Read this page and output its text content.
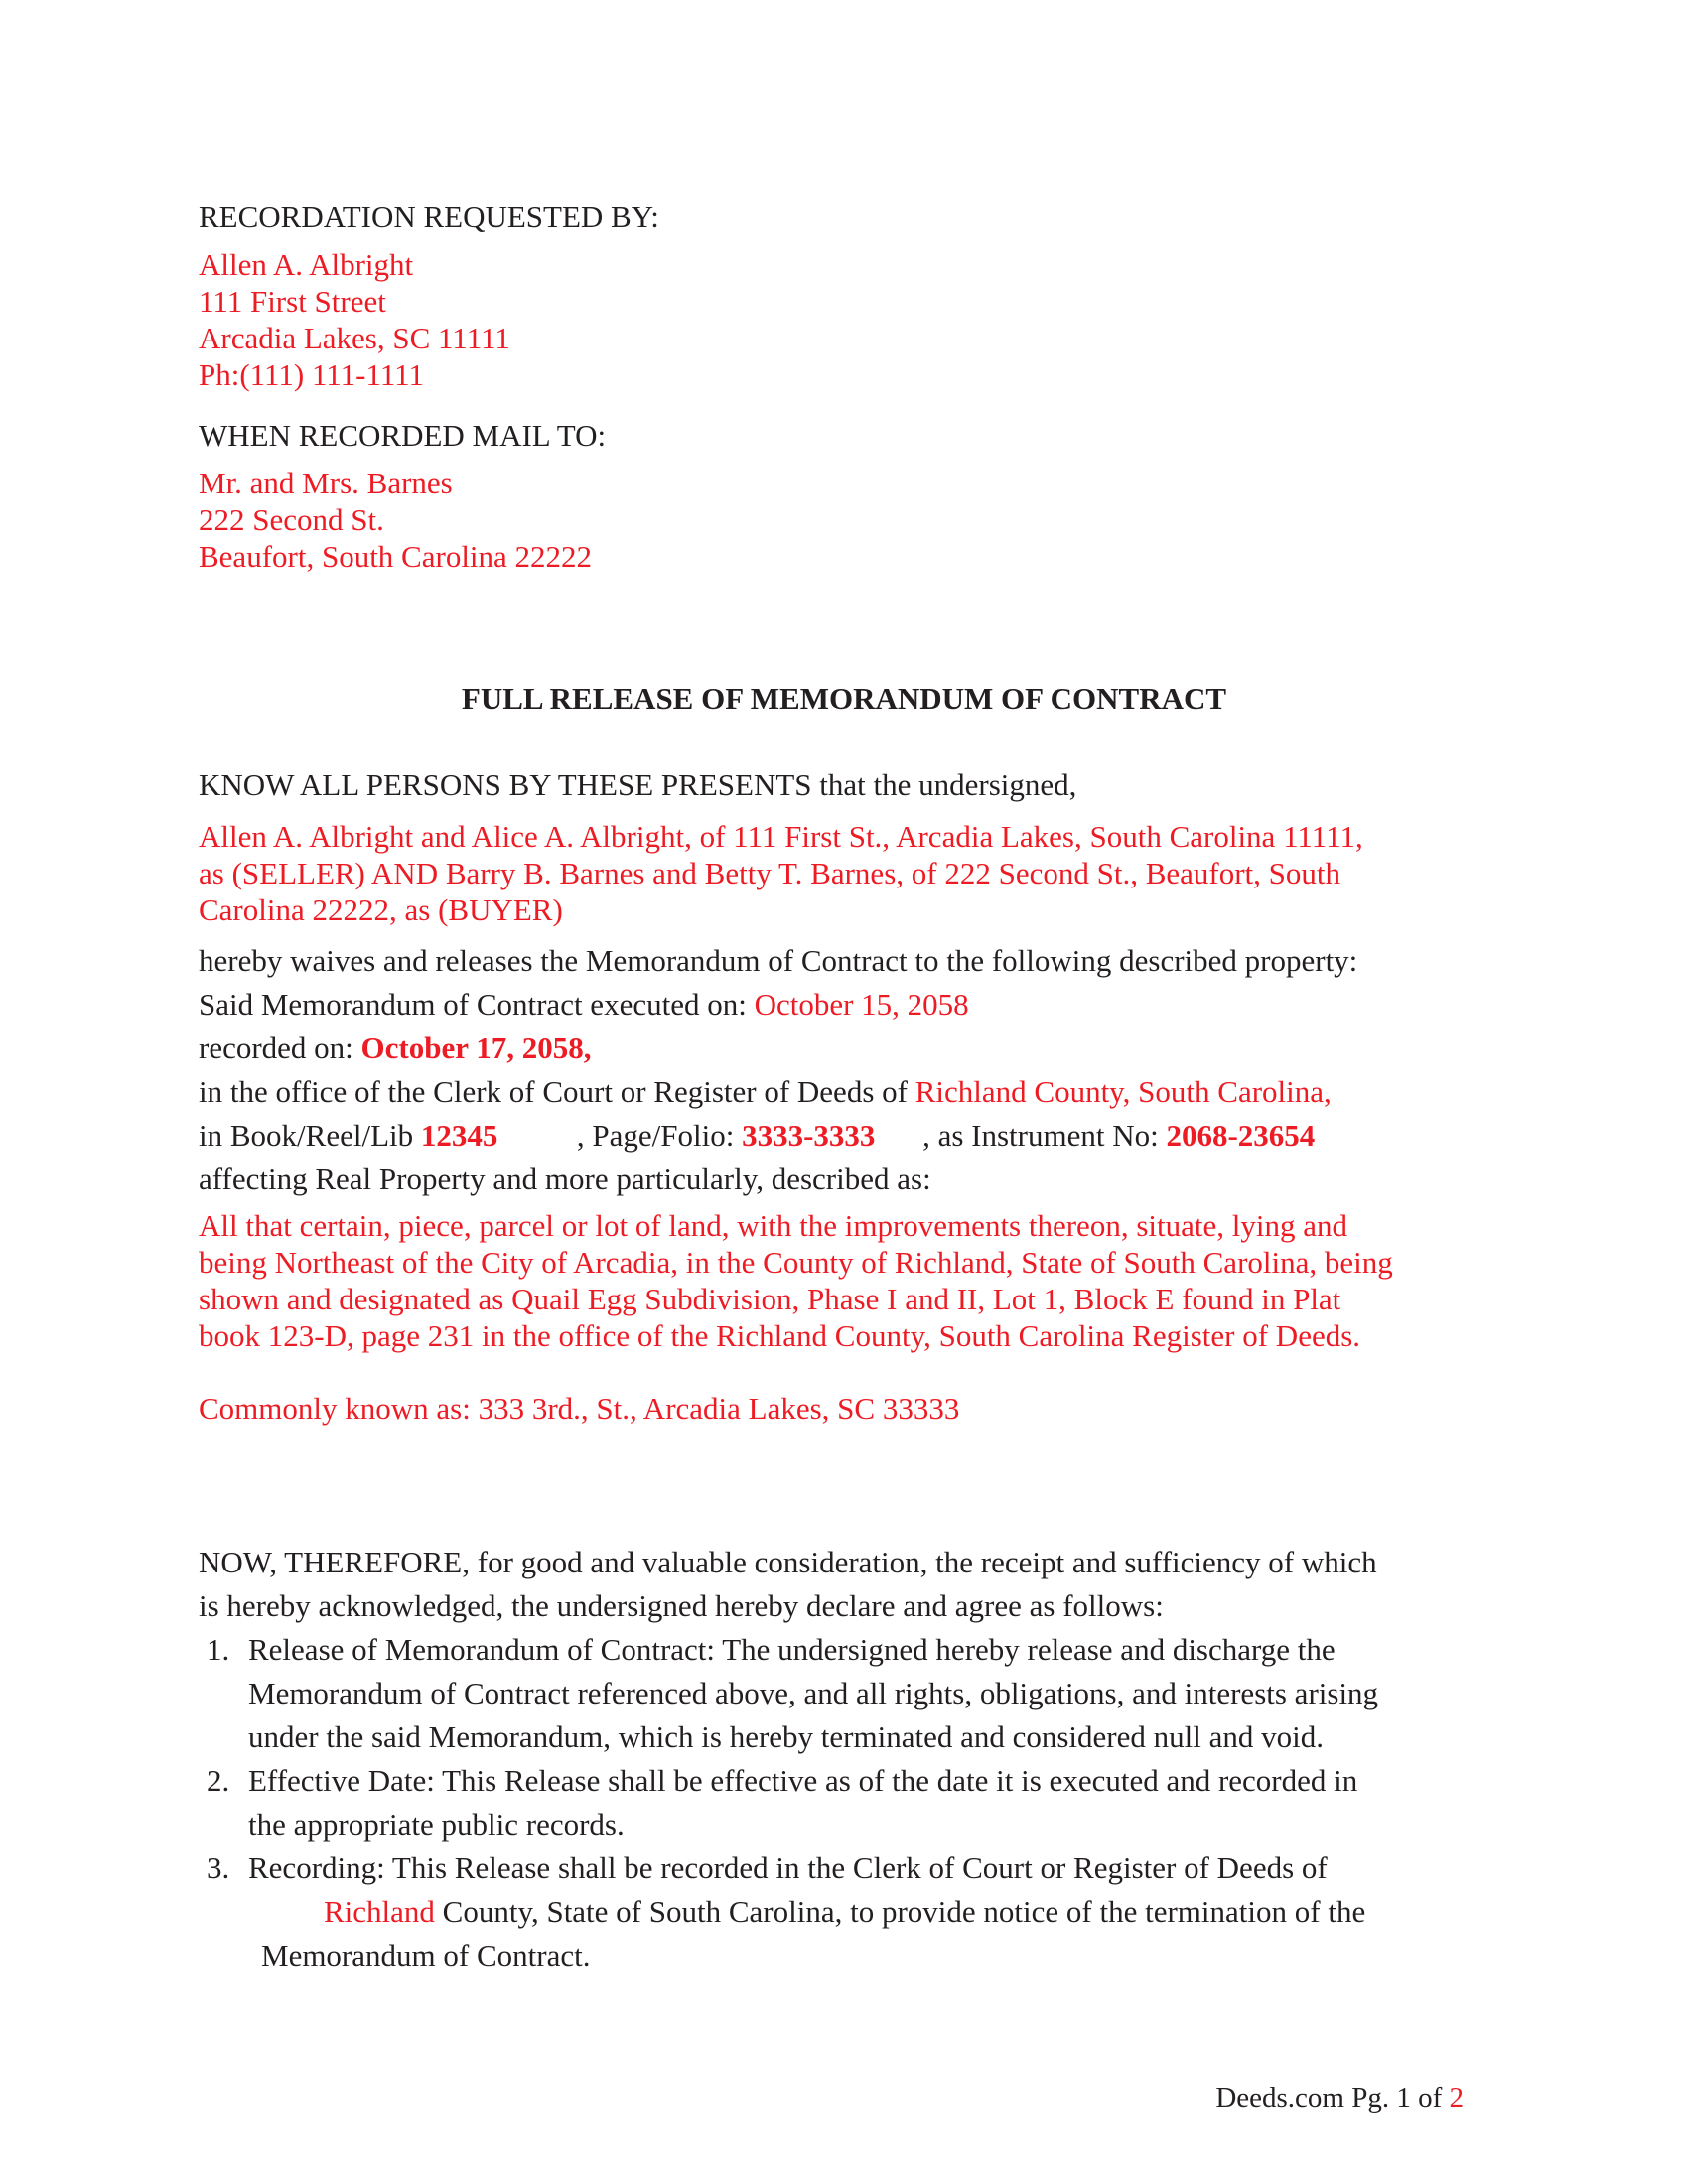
RECORDATION REQUESTED BY:

Allen A. Albright

111 First Street

Arcadia Lakes, SC 11111

Ph:(111) 111-1111

WHEN RECORDED MAIL TO:

Mr. and Mrs. Barnes

222 Second St.

Beaufort, South Carolina 22222

FULL RELEASE OF MEMORANDUM OF CONTRACT

KNOW ALL PERSONS BY THESE PRESENTS that the undersigned,

Allen A. Albright and Alice A. Albright, of 111 First St., Arcadia Lakes, South Carolina 11111,

as (SELLER) AND Barry B. Barnes and Betty T. Barnes, of 222 Second St., Beaufort, South

Carolina 22222, as (BUYER)

hereby waives and releases the Memorandum of Contract to the following described property:

Said Memorandum of Contract executed on: October 15, 2058

recorded on: October 17, 2058,

in the office of the Clerk of Court or Register of Deeds of Richland County, South Carolina,

in Book/Reel/Lib 12345	, Page/Folio: 3333-3333 , as Instrument No: 2068-23654

affecting Real Property and more particularly, described as:

All that certain, piece, parcel or lot of land, with the improvements thereon, situate, lying and

being Northeast of the City of Arcadia, in the County of Richland, State of South Carolina, being

shown and designated as Quail Egg Subdivision, Phase I and II, Lot 1, Block E found in Plat

book 123-D, page 231 in the office of the Richland County, South Carolina Register of Deeds.

Commonly known as: 333 3rd., St., Arcadia Lakes, SC 33333

NOW, THEREFORE, for good and valuable consideration, the receipt and sufficiency of which

is hereby acknowledged, the undersigned hereby declare and agree as follows:

1. Release of Memorandum of Contract: The undersigned hereby release and discharge the

Memorandum of Contract referenced above, and all rights, obligations, and interests arising

under the said Memorandum, which is hereby terminated and considered null and void.

2. Effective Date: This Release shall be effective as of the date it is executed and recorded in

the appropriate public records.

3. Recording: This Release shall be recorded in the Clerk of Court or Register of Deeds of

Richland County, State of South Carolina, to provide notice of the termination of the

Memorandum of Contract.

Deeds.com Pg. 1 of 2
